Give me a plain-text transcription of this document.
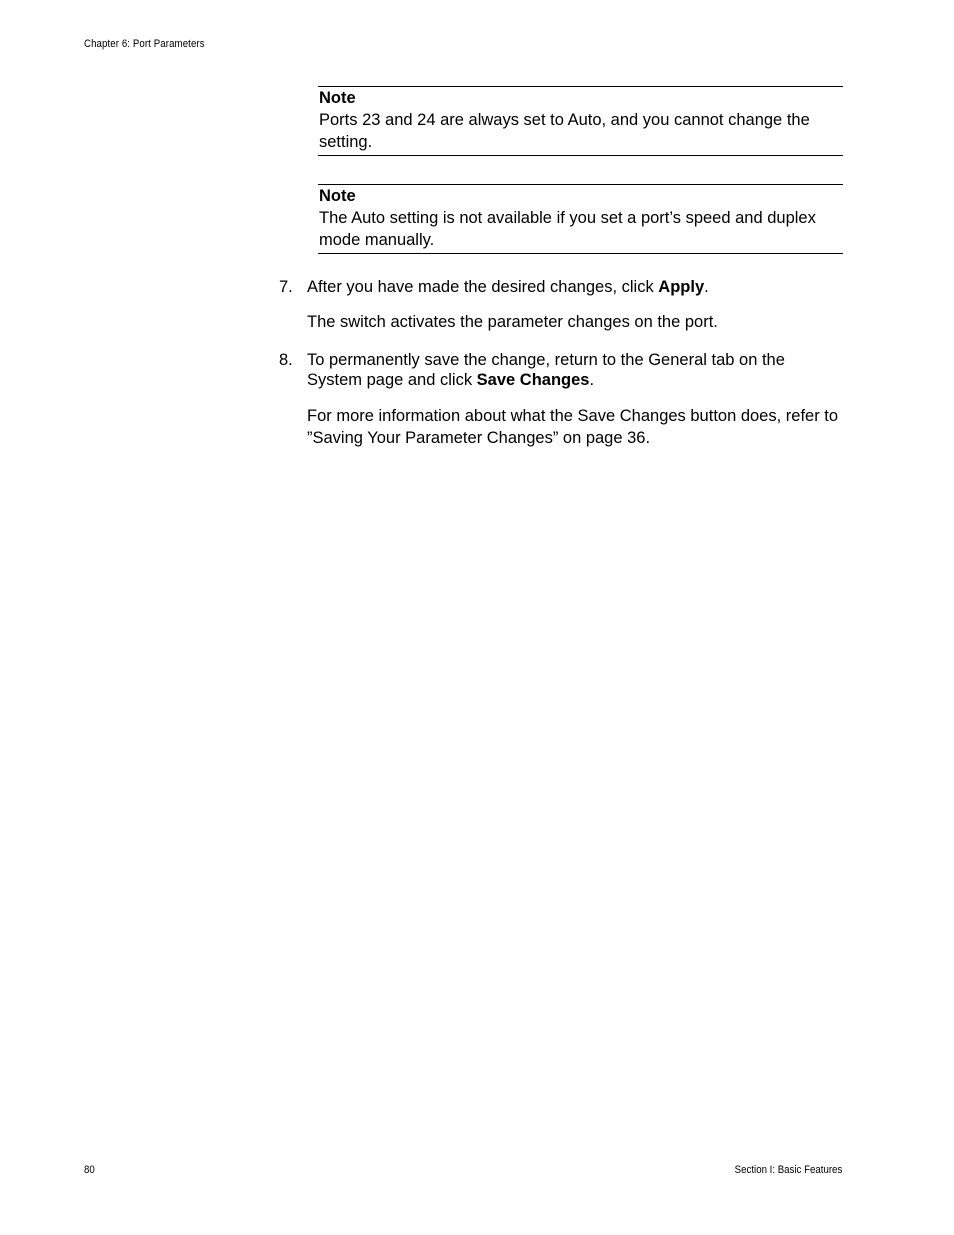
Chapter 6: Port Parameters
Note
Ports 23 and 24 are always set to Auto, and you cannot change the setting.
Note
The Auto setting is not available if you set a port’s speed and duplex mode manually.
7. After you have made the desired changes, click Apply.
The switch activates the parameter changes on the port.
8. To permanently save the change, return to the General tab on the System page and click Save Changes.
For more information about what the Save Changes button does, refer to ”Saving Your Parameter Changes” on page 36.
80	Section I: Basic Features
